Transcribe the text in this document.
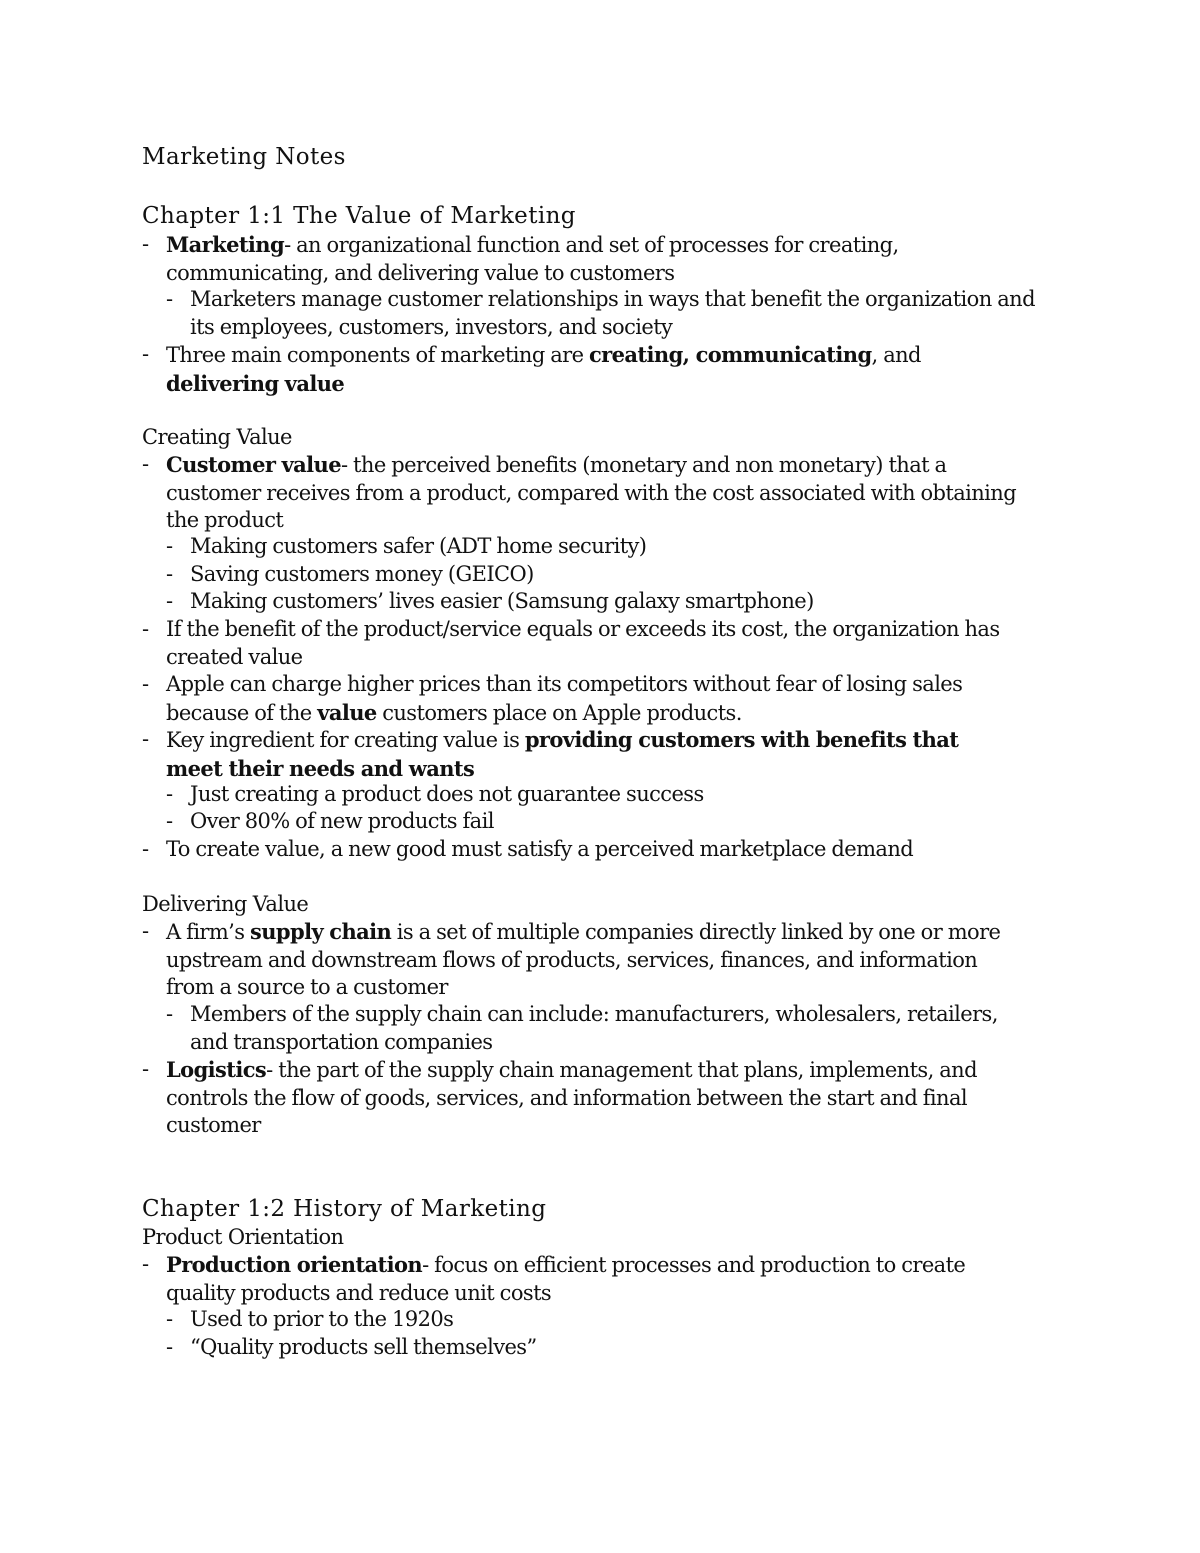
Marketing Notes
Chapter 1:1 The Value of Marketing
- Marketing- an organizational function and set of processes for creating,
communicating, and delivering value to customers
- Marketers manage customer relationships in ways that benefit the organization and
its employees, customers, investors, and society
- Three main components of marketing are creating, communicating, and
delivering value
Creating Value
- Customer value- the perceived benefits (monetary and non monetary) that a
customer receives from a product, compared with the cost associated with obtaining
the product
- Making customers safer (ADT home security)
- Saving customers money (GEICO)
- Making customers’ lives easier (Samsung galaxy smartphone)
- If the benefit of the product/service equals or exceeds its cost, the organization has
created value
- Apple can charge higher prices than its competitors without fear of losing sales
because of the value customers place on Apple products.
- Key ingredient for creating value is providing customers with benefits that
meet their needs and wants
- Just creating a product does not guarantee success
- Over 80% of new products fail
- To create value, a new good must satisfy a perceived marketplace demand
Delivering Value
- A firm’s supply chain is a set of multiple companies directly linked by one or more
upstream and downstream flows of products, services, finances, and information
from a source to a customer
- Members of the supply chain can include: manufacturers, wholesalers, retailers,
and transportation companies
- Logistics- the part of the supply chain management that plans, implements, and
controls the flow of goods, services, and information between the start and final
customer
Chapter 1:2 History of Marketing
Product Orientation
- Production orientation- focus on efficient processes and production to create
quality products and reduce unit costs
- Used to prior to the 1920s
- “Quality products sell themselves”
